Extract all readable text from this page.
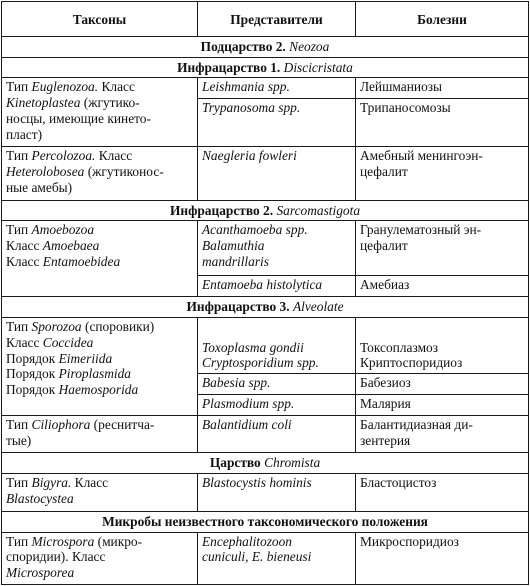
Таксоны	Представители	Болезни
Подцарство 2. Neozoa		
Инфрацарство 1. Discicristata		

Тип Euglenozoa. Класс
Kinetoplastea (жгутико-
носцы, имеющие кинето-
пласт)	Leishmania spp.	Лейшманиозы
	Trypanosoma spp.	Трипаносомозы

Тип Percolozoa. Класс
Heterolobosea (жгутиконос-
ные амебы)	Naegleria fowleri	Амебный менингоэн-
цефалит

Инфрацарство 2. Sarcomastigota		

Тип Amoebozoa
Класс Amoebaea
Класс Entamoebidea	Acanthamoeba spp.
Balamuthia
mandrillaris	Гранулематозный эн-
цефалит

	Entamoeba histolytica	Амебиаз
Инфрацарство 3. Alveolate		

Тип Sporozoa (споровики)
Класс Coccidea
Порядок Eimeriida
Порядок Piroplasmida
Порядок Haemosporida	Toxoplasma gondii
Cryptosporidium spp.	Токсоплазмоз
Криптоспоридиоз

	Babesia spp.	Бабезиоз
	Plasmodium spp.	Малярия

Тип Ciliophora (реснитча-
тые)	Balantidium coli	Балантидиазная ди-
зентерия

Царство Chromista		

Тип Bigyra. Класс
Blastocystea	Blastocystis hominis	Бластоцистоз
Микробы неизвестного таксономического положения		

Тип Microspora (микро-
споридии). Класс
Microsporea	Encephalitozoon
cuniculi, E. bieneusi	Микроспоридиоз
